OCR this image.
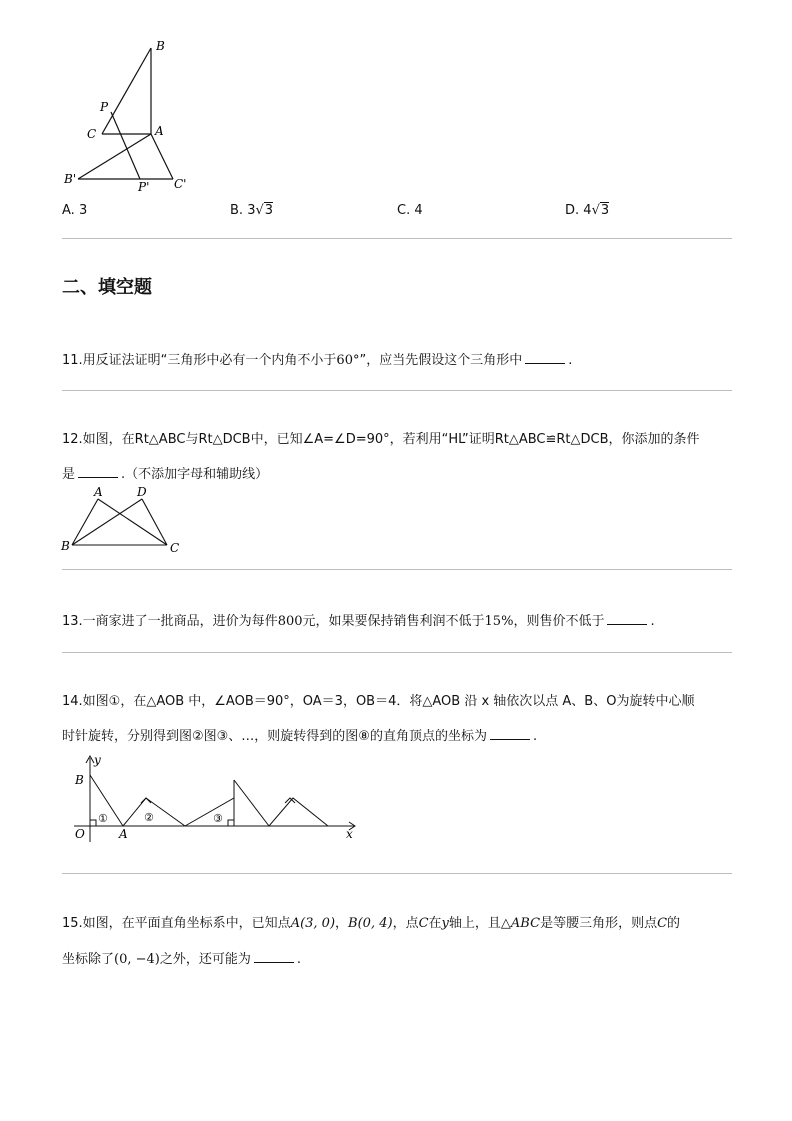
B
P
C	A
B'
P' C'
A. 3	B. 3√3	C. 4	D. 4√3
二、填空题
11.用反证法证明“三角形中必有一个内角不小于60°”，应当先假设这个三角形中	.
12.如图，在Rt△ABC与Rt△DCB中，已知∠A=∠D=90°，若利用“HL”证明Rt△ABC≌Rt△DCB，你添加的条件
是	.（不添加字母和辅助线）
A	D
B	C
13.一商家进了一批商品，进价为每件800元，如果要保持销售利润不低于15%，则售价不低于	.
14.如图①，在△AOB 中，∠AOB＝90°，OA＝3，OB＝4．将△AOB 沿 x 轴依次以点 A、B、O为旋转中心顺
时针旋转，分别得到图②图③、…，则旋转得到的图⑧的直角顶点的坐标为	.
y
B
O	A	x
①	②	③
15.如图，在平面直角坐标系中，已知点A(3, 0)，B(0, 4)，点C在y轴上，且△ABC是等腰三角形，则点C的
坐标除了(0, −4)之外，还可能为	.
